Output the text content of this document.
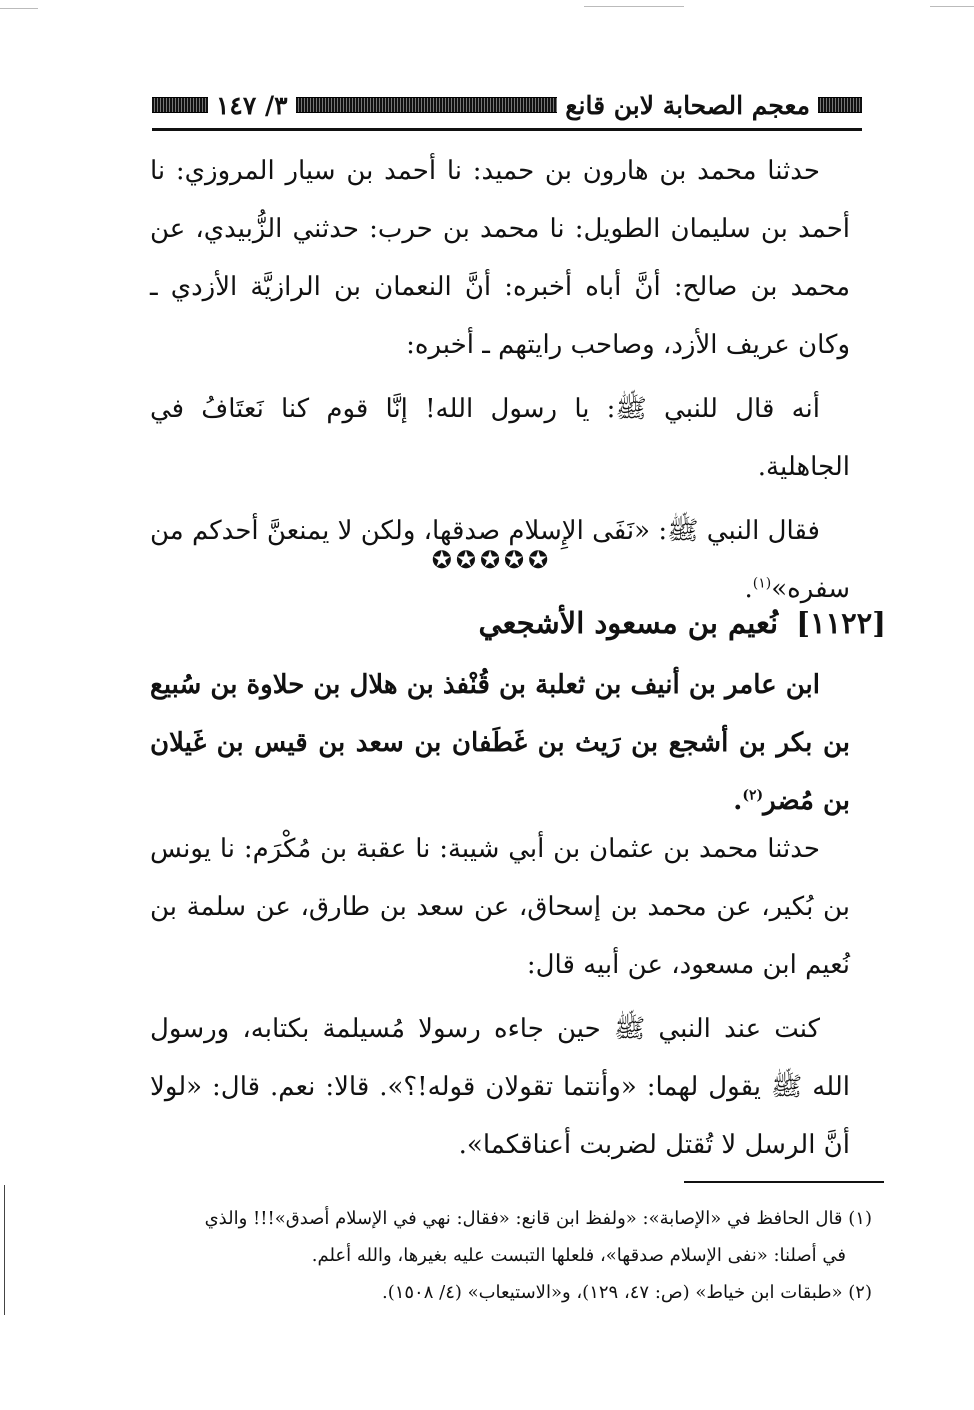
معجم الصحابة لابن قانع
٣/ ١٤٧

حدثنا محمد بن هارون بن حميد: نا أحمد بن سيار المروزي: نا أحمد بن سليمان الطويل: نا محمد بن حرب: حدثني الزُّبيدي، عن محمد بن صالح: أنَّ أباه أخبره: أنَّ النعمان بن الرازيَّة الأزدي ـ وكان عريف الأزد، وصاحب رايتهم ـ أخبره:

أنه قال للنبي ﷺ: يا رسول الله! إنَّا قوم كنا نَعتَافُ في الجاهلية.

فقال النبي ﷺ: «نَفَى الإِسلام صدقها، ولكن لا يمنعنَّ أحدكم من سفره»$^{(١)}$.

✪✪✪✪✪
[١١٢٢] نُعيم بن مسعود الأشجعي

ابن عامر بن أنيف بن ثعلبة بن قُنْفذ بن هلال بن حلاوة بن سُبيع بن بكر بن أشجع بن رَيث بن غَطَفان بن سعد بن قيس بن غَيلان بن مُضر$^{(٢)}$.

حدثنا محمد بن عثمان بن أبي شيبة: نا عقبة بن مُكْرَم: نا يونس بن بُكير، عن محمد بن إسحاق، عن سعد بن طارق، عن سلمة بن نُعيم ابن مسعود، عن أبيه قال:

كنت عند النبي ﷺ حين جاءه رسولا مُسيلمة بكتابه، ورسول الله ﷺ يقول لهما: «وأنتما تقولان قوله!؟». قالا: نعم. قال: «لولا أنَّ الرسل لا تُقتل لضربت أعناقكما».

(١) قال الحافظ في «الإصابة»: «ولفظ ابن قانع: «فقال: نهي في الإسلام أصدق»!!! والذي

في أصلنا: «نفى الإسلام صدقها»، فلعلها التبست عليه بغيرها، والله أعلم.

(٢) «طبقات ابن خياط» (ص: ٤٧، ١٢٩)، و«الاستيعاب» (٤/ ١٥٠٨).
